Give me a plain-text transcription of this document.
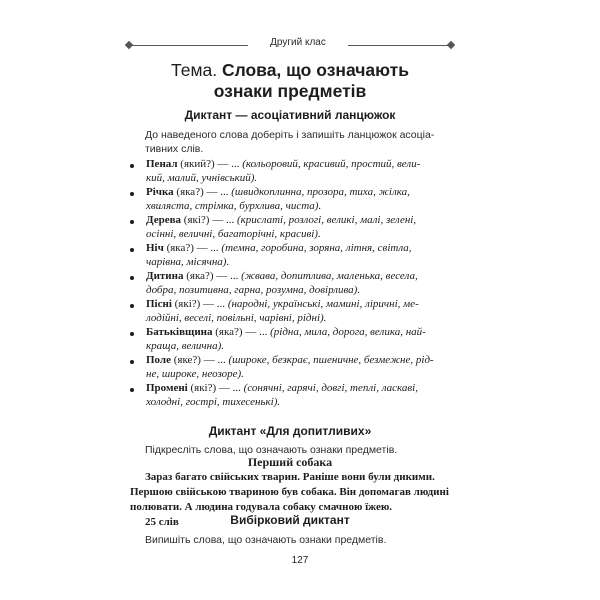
Другий клас
Тема. Слова, що означають
ознаки предметів
Диктант — асоціативний ланцюжок
До наведеного слова доберіть і запишіть ланцюжок асоціа-
тивних слів.
Пенал (який?) — ... (кольоровий, красивий, простий, вели-
кий, малий, учнівський).
Річка (яка?) — ... (швидкоплинна, прозора, тиха, жілка,
хвиляста, стрімка, бурхлива, чиста).
Дерева (які?) — ... (крислаті, розлогі, великі, малі, зелені,
осінні, величні, багаторічні, красиві).
Ніч (яка?) — ... (темна, горобина, зоряна, літня, світла,
чарівна, місячна).
Дитина (яка?) — ... (жвава, допитлива, маленька, весела,
добра, позитивна, гарна, розумна, довірлива).
Пісні (які?) — ... (народні, українські, мамині, ліричні, ме-
лодійні, веселі, повільні, чарівні, рідні).
Батьківщина (яка?) — ... (рідна, мила, дорога, велика, най-
краща, велична).
Поле (яке?) — ... (широке, безкрає, пшеничне, безмежне, рід-
не, широке, неозоре).
Промені (які?) — ... (сонячні, гарячі, довгі, теплі, ласкаві,
холодні, гострі, тихесенькі).
Диктант «Для допитливих»
Підкресліть слова, що означають ознаки предметів.
Перший собака
Зараз багато свійських тварин. Раніше вони були дикими.
Першою свійською твариною був собака. Він допомагав людині
полювати. А людина годувала собаку смачною їжею.
25 слів
127
Вибірковий диктант
Випишіть слова, що означають ознаки предметів.
